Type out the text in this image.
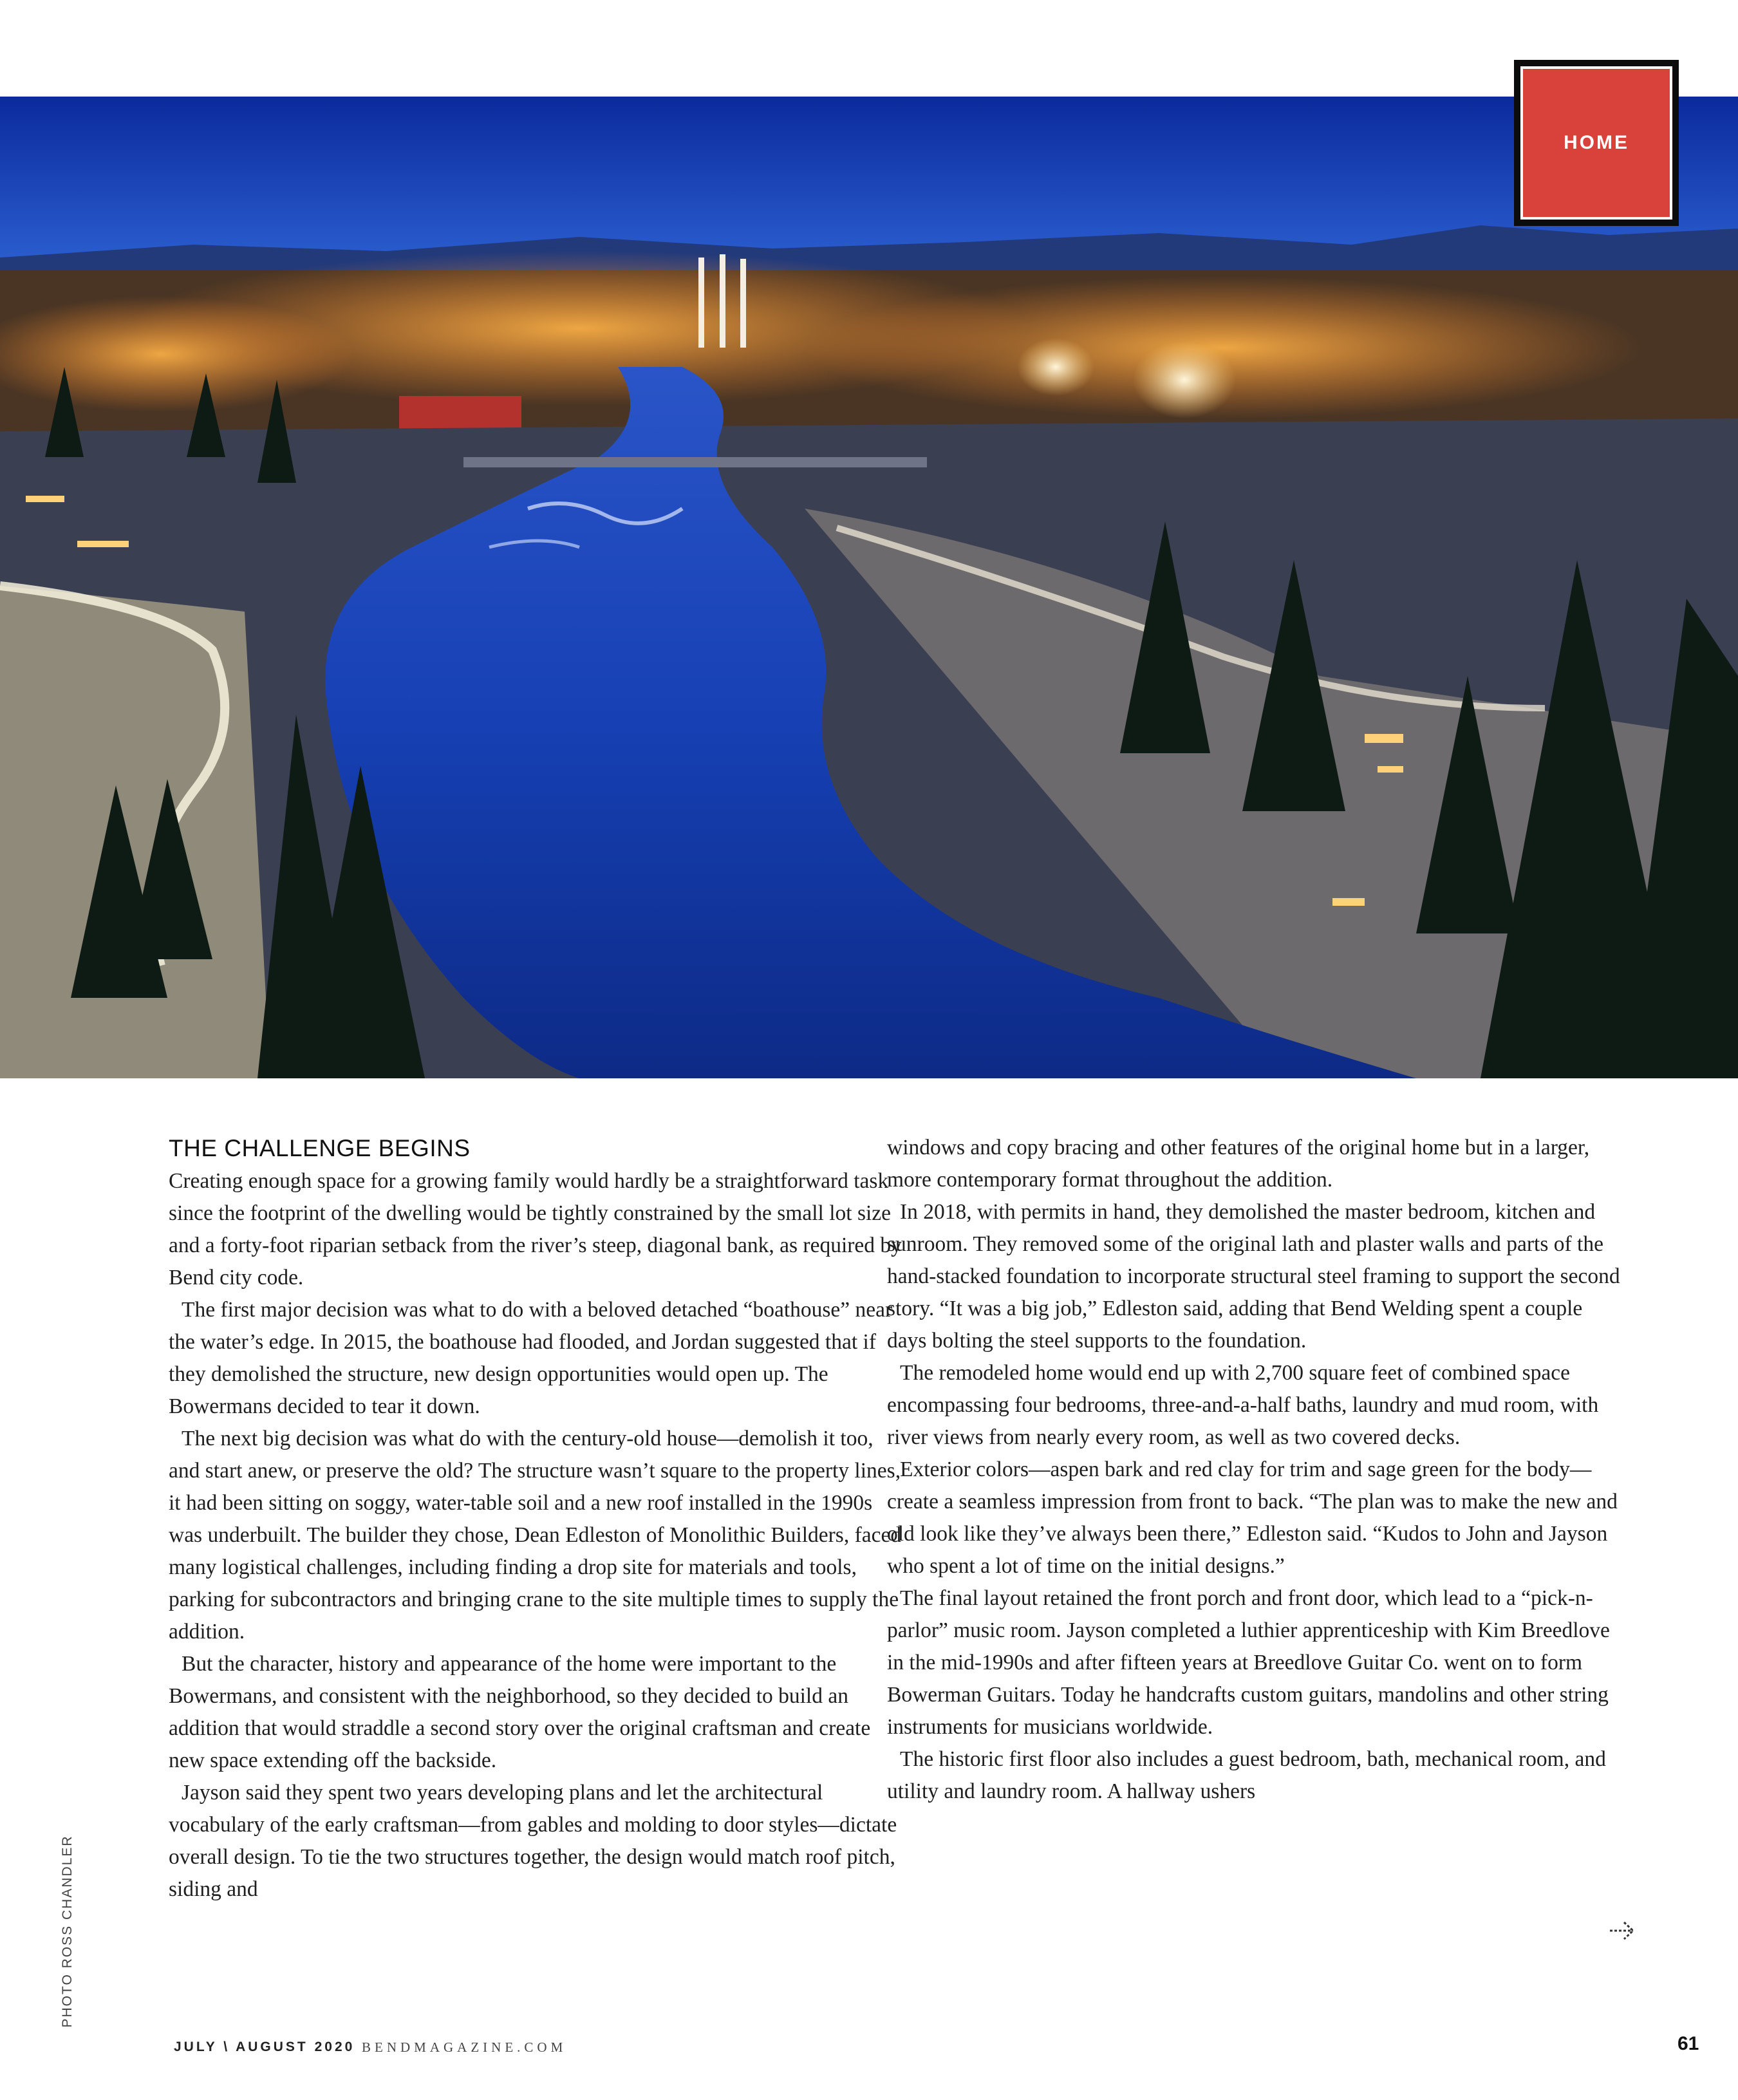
HOME
THE CHALLENGE BEGINS

Creating enough space for a growing family would hardly be a straightforward task since the footprint of the dwelling would be tightly constrained by the small lot size and a forty-foot riparian setback from the river’s steep, diagonal bank, as required by Bend city code.

The first major decision was what to do with a beloved detached “boathouse” near the water’s edge. In 2015, the boathouse had flooded, and Jordan suggested that if they demolished the structure, new design opportunities would open up. The Bowermans decided to tear it down.

The next big decision was what do with the century-old house—demolish it too, and start anew, or preserve the old? The structure wasn’t square to the property lines, it had been sitting on soggy, water-table soil and a new roof installed in the 1990s was underbuilt. The builder they chose, Dean Edleston of Monolithic Builders, faced many logistical challenges, including finding a drop site for materials and tools, parking for subcontractors and bringing crane to the site multiple times to supply the addition.

But the character, history and appearance of the home were important to the Bowermans, and consistent with the neighborhood, so they decided to build an addition that would straddle a second story over the original craftsman and create new space extending off the backside.

Jayson said they spent two years developing plans and let the architectural vocabulary of the early craftsman—from gables and molding to door styles—dictate overall design. To tie the two structures together, the design would match roof pitch, siding and

windows and copy bracing and other features of the original home but in a larger, more contemporary format throughout the addition.

In 2018, with permits in hand, they demolished the master bedroom, kitchen and sunroom. They removed some of the original lath and plaster walls and parts of the hand-stacked foundation to incorporate structural steel framing to support the second story. “It was a big job,” Edleston said, adding that Bend Welding spent a couple days bolting the steel supports to the foundation.

The remodeled home would end up with 2,700 square feet of combined space encompassing four bedrooms, three-and-a-half baths, laundry and mud room, with river views from nearly every room, as well as two covered decks.

Exterior colors—aspen bark and red clay for trim and sage green for the body—create a seamless impression from front to back. “The plan was to make the new and old look like they’ve always been there,” Edleston said. “Kudos to John and Jayson who spent a lot of time on the initial designs.”

The final layout retained the front porch and front door, which lead to a “pick-n-parlor” music room. Jayson completed a luthier apprenticeship with Kim Breedlove in the mid-1990s and after fifteen years at Breedlove Guitar Co. went on to form Bowerman Guitars. Today he handcrafts custom guitars, mandolins and other string instruments for musicians worldwide.

The historic first floor also includes a guest bedroom, bath, mechanical room, and utility and laundry room. A hallway ushers

PHOTO ROSS CHANDLER
JULY \ AUGUST 2020 BENDMAGAZINE.COM	61
